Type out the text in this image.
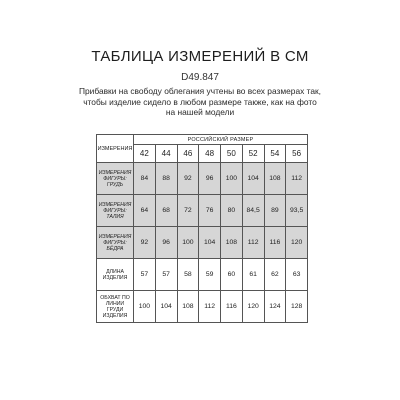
ТАБЛИЦА ИЗМЕРЕНИЙ В СМ
D49.847
Прибавки на свободу облегания учтены во всех размерах так,
чтобы изделие сидело в любом размере также, как на фото
на нашей модели
ИЗМЕРЕНИЯ	РОССИЙСКИЙ РАЗМЕР							
	42	44	46	48	50	52	54	56
ИЗМЕРЕНИЯ ФИГУРЫ: ГРУДЬ	84	88	92	96	100	104	108	112
ИЗМЕРЕНИЯ ФИГУРЫ: ТАЛИЯ	64	68	72	76	80	84,5	89	93,5
ИЗМЕРЕНИЯ ФИГУРЫ: БЁДРА	92	96	100	104	108	112	116	120
ДЛИНА ИЗДЕЛИЯ	57	57	58	59	60	61	62	63
ОБХВАТ ПО ЛИНИИ ГРУДИ ИЗДЕЛИЯ	100	104	108	112	116	120	124	128
